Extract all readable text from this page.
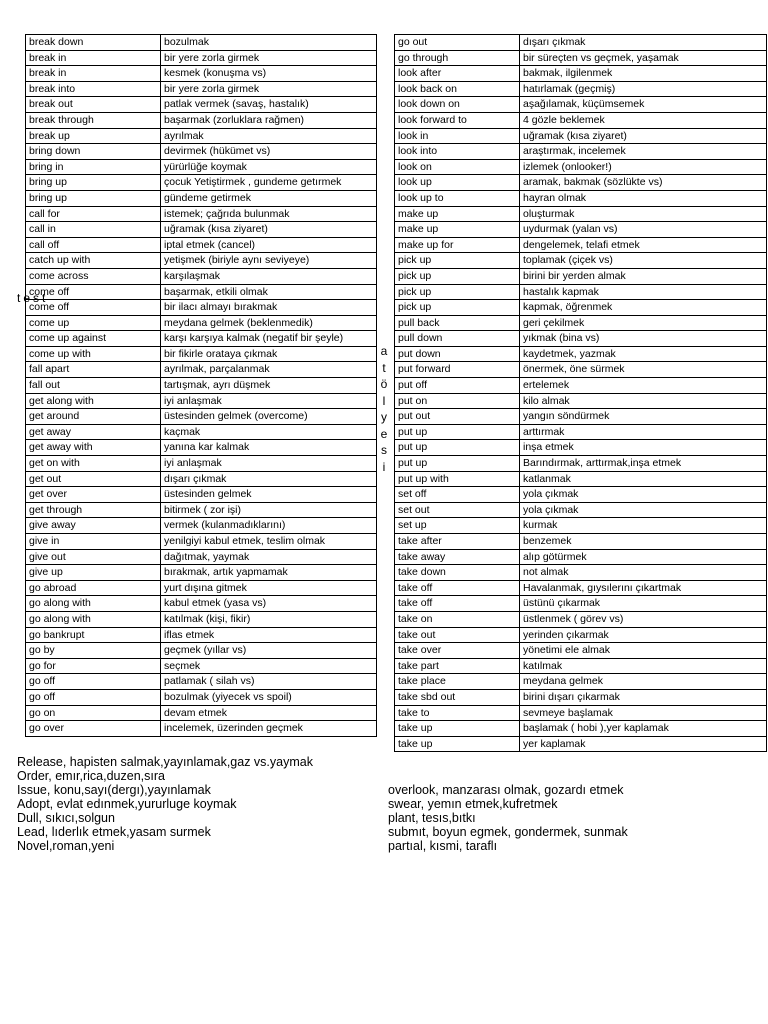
break down	bozulmak
break in	bir yere zorla girmek
break in	kesmek (konuşma vs)
break into	bir yere zorla girmek
break out	patlak vermek (savaş, hastalık)
break through	başarmak (zorluklara rağmen)
break up	ayrılmak
bring down	devirmek (hükümet vs)
bring in	yürürlüğe koymak
bring up	çocuk Yetiştirmek , gundeme getırmek
bring up	gündeme getirmek
call for	istemek; çağrıda bulunmak
call in	uğramak (kısa ziyaret)
call off	iptal etmek (cancel)
catch up with	yetişmek (biriyle aynı seviyeye)
come across	karşılaşmak
come off	başarmak, etkili olmak
come off	bir ilacı almayı bırakmak
come up	meydana gelmek (beklenmedik)
come up against	karşı karşıya kalmak (negatif bir şeyle)
come up with	bir fikirle orataya çıkmak
fall apart	ayrılmak, parçalanmak
fall out	tartışmak, ayrı düşmek
get along with	iyi anlaşmak
get around	üstesinden gelmek (overcome)
get away	kaçmak
get away with	yanına kar kalmak
get on with	iyi anlaşmak
get out	dışarı çıkmak
get over	üstesinden gelmek
get through	bitirmek ( zor işi)
give away	vermek (kulanmadıklarını)
give in	yenilgiyi kabul etmek, teslim olmak
give out	dağıtmak, yaymak
give up	bırakmak, artık yapmamak
go abroad	yurt dışına gitmek
go along with	kabul etmek (yasa vs)
go along with	katılmak (kişi, fikir)
go bankrupt	iflas etmek
go by	geçmek (yıllar vs)
go for	seçmek
go off	patlamak ( silah vs)
go off	bozulmak (yiyecek vs spoil)
go on	devam etmek
go over	incelemek, üzerinden geçmek
go out	dışarı çıkmak
go through	bir süreçten vs geçmek, yaşamak
look after	bakmak, ilgilenmek
look back on	hatırlamak (geçmiş)
look down on	aşağılamak, küçümsemek
look forward to	4 gözle beklemek
look in	uğramak (kısa ziyaret)
look into	araştırmak, incelemek
look on	izlemek (onlooker!)
look up	aramak, bakmak (sözlükte vs)
look up to	hayran olmak
make up	oluşturmak
make up	uydurmak (yalan vs)
make up for	dengelemek, telafi etmek
pick up	toplamak (çiçek vs)
pick up	birini bir yerden almak
pick up	hastalık kapmak
pick up	kapmak, öğrenmek
pull back	geri çekilmek
pull down	yıkmak (bina vs)
put down	kaydetmek, yazmak
put forward	önermek, öne sürmek
put off	ertelemek
put on	kilo almak
put out	yangın söndürmek
put up	arttırmak
put up	inşa etmek
put up	Barındırmak, arttırmak,inşa etmek
put up with	katlanmak
set off	yola çıkmak
set out	yola çıkmak
set up	kurmak
take after	benzemek
take away	alıp götürmek
take down	not almak
take off	Havalanmak, gıysılerını çıkartmak
take off	üstünü çıkarmak
take on	üstlenmek ( görev vs)
take out	yerinden çıkarmak
take over	yönetimi ele almak
take part	katılmak
take place	meydana gelmek
take sbd out	birini dışarı çıkarmak
take to	sevmeye başlamak
take up	başlamak ( hobi ),yer kaplamak
take up	yer kaplamak
test
a
t
ö
l
y
e
s
i
Release, hapisten salmak,yayınlamak,gaz vs.yaymak
Order, emır,rica,duzen,sıra
Issue, konu,sayı(dergı),yayınlamak
Adopt, evlat edınmek,yururluge koymak
Dull, sıkıcı,solgun
Lead, lıderlık etmek,yasam surmek
Novel,roman,yeni
overlook, manzarası olmak, gozardı etmek
swear, yemın etmek,kufretmek
plant, tesıs,bıtkı
submıt, boyun egmek, gondermek, sunmak
partıal, kısmi, taraflı
